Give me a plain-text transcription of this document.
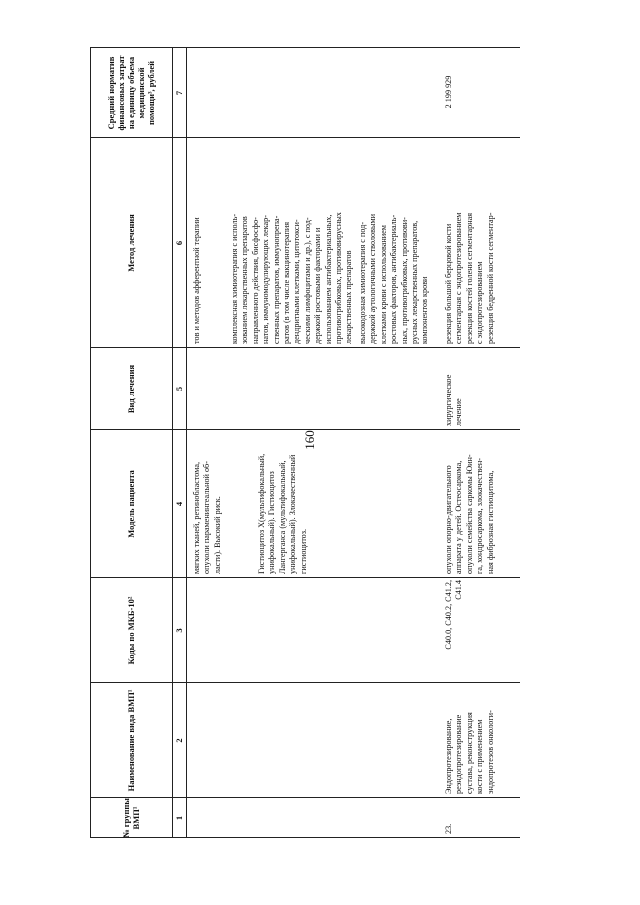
160
№ группы ВМП¹
Наименование вида ВМП¹
Коды по МКБ-10²
Модель пациента
Вид лечения
Метод лечения
Средний норматив финансовых затрат на единицу объема медицинской помощи³, рублей
1
2
3
4
5
6
7
мягких тканей, ретинобластома,
опухоли параменингеальной об-
ласти). Высокий риск.
Гистиоцитоз Х(мультифокальный,
унифокальный). Гистиоцитоз
Лангерганса (мультифокальный,
унифокальный). Злокачественный
гистиоцитоз.
тов и методов афферентной терапии	комплексная химиотерапия с исполь-
зованием лекарственных препаратов
направленного действия, бисфосфо-
натов, иммуномодулирующих лекар-
ственных препаратов, иммунопрепа-
ратов (в том числе вакцинотерапия
дендритными клетками, цитотокси-
ческими лимфоцитами и др.), с под-
держкой ростовыми факторами и
использованием антибактериальных,
противогрибковых, противовирусных
лекарственных препаратов
высокодозная химиотерапия с под-
держкой аутологичными стволовыми
клетками крови с использованием
ростовых факторов, антибактериаль-
ных, противогрибковых, противови-
русных лекарственных препаратов,
компонентов крови
23.
Эндопротезирование,
реэндопротезирование
сустава, реконструкция
кости с применением
эндопротезов онкологи-
C40.0, C40.2, C41.2,
C41.4
опухоли опорно-двигательного
аппарата у детей. Остеосаркома,
опухоли семейства саркомы Юин-
га, хондросаркома, злокачествен-
ная фиброзная гистиоцитома,
хирургическое
лечение
резекция большой берцовой кости
сегментарная с эндопротезированием
резекция костей голени сегментарная
с эндопротезированием
резекция бедренной кости сегментар-
2 199 929
